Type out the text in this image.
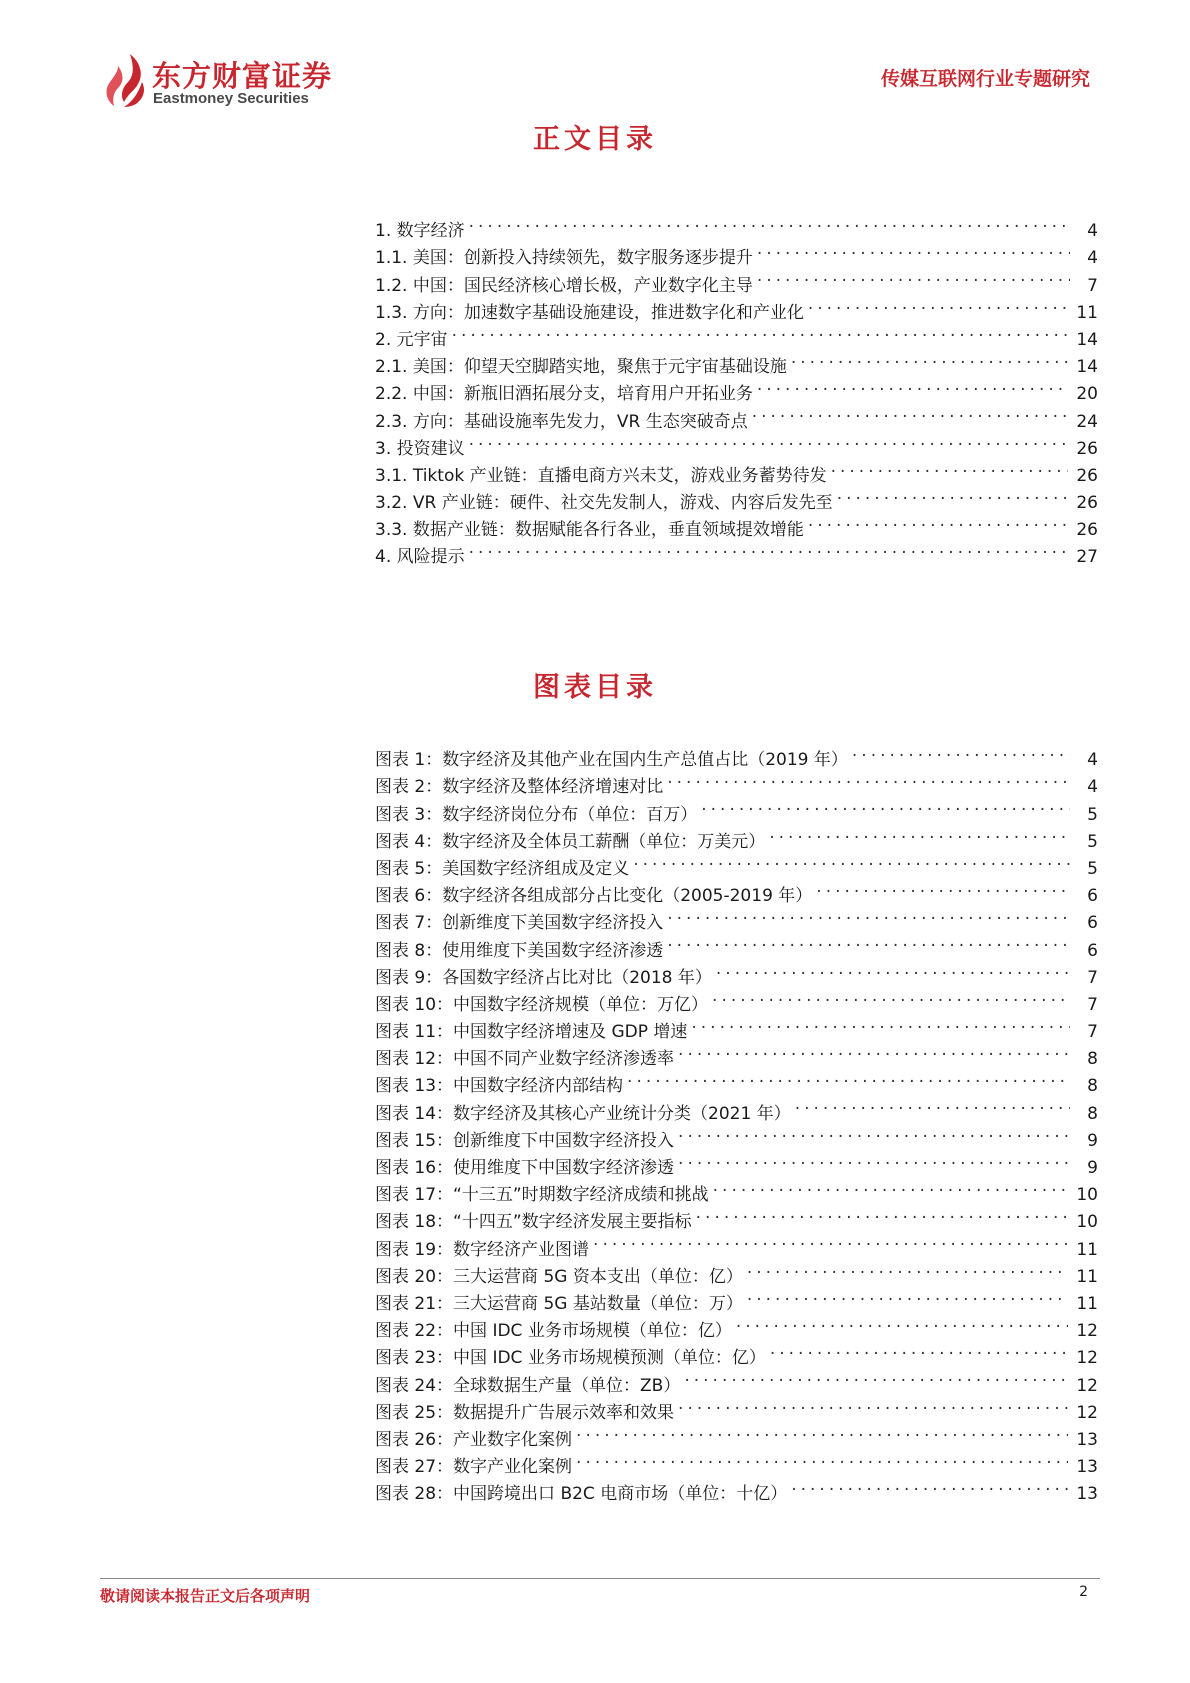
东方财富证券
Eastmoney Securities
传媒互联网行业专题研究
正文目录
1. 数字经济 .....	4
1.1. 美国：创新投入持续领先，数字服务逐步提升 .....	4
1.2. 中国：国民经济核心增长极，产业数字化主导 .....	7
1.3. 方向：加速数字基础设施建设，推进数字化和产业化 .....	11
2. 元宇宙 .....	14
2.1. 美国：仰望天空脚踏实地，聚焦于元宇宙基础设施 .....	14
2.2. 中国：新瓶旧酒拓展分支，培育用户开拓业务 .....	20
2.3. 方向：基础设施率先发力，VR 生态突破奇点 .....	24
3. 投资建议 .....	26
3.1. Tiktok 产业链：直播电商方兴未艾，游戏业务蓄势待发 .....	26
3.2. VR 产业链：硬件、社交先发制人，游戏、内容后发先至 .....	26
3.3. 数据产业链：数据赋能各行各业，垂直领域提效增能 .....	26
4. 风险提示 .....	27
图表目录
图表 1：数字经济及其他产业在国内生产总值占比（2019 年） .....	4
图表 2：数字经济及整体经济增速对比 .....	4
图表 3：数字经济岗位分布（单位：百万） .....	5
图表 4：数字经济及全体员工薪酬（单位：万美元） .....	5
图表 5：美国数字经济组成及定义 .....	5
图表 6：数字经济各组成部分占比变化（2005-2019 年） .....	6
图表 7：创新维度下美国数字经济投入 .....	6
图表 8：使用维度下美国数字经济渗透 .....	6
图表 9：各国数字经济占比对比（2018 年） .....	7
图表 10：中国数字经济规模（单位：万亿） .....	7
图表 11：中国数字经济增速及 GDP 增速 .....	7
图表 12：中国不同产业数字经济渗透率 .....	8
图表 13：中国数字经济内部结构 .....	8
图表 14：数字经济及其核心产业统计分类（2021 年） .....	8
图表 15：创新维度下中国数字经济投入 .....	9
图表 16：使用维度下中国数字经济渗透 .....	9
图表 17：“十三五”时期数字经济成绩和挑战 .....	10
图表 18：“十四五”数字经济发展主要指标 .....	10
图表 19：数字经济产业图谱 .....	11
图表 20：三大运营商 5G 资本支出（单位：亿） .....	11
图表 21：三大运营商 5G 基站数量（单位：万） .....	11
图表 22：中国 IDC 业务市场规模（单位：亿） .....	12
图表 23：中国 IDC 业务市场规模预测（单位：亿） .....	12
图表 24：全球数据生产量（单位：ZB） .....	12
图表 25：数据提升广告展示效率和效果 .....	12
图表 26：产业数字化案例 .....	13
图表 27：数字产业化案例 .....	13
图表 28：中国跨境出口 B2C 电商市场（单位：十亿） .....	13
敬请阅读本报告正文后各项声明	2
